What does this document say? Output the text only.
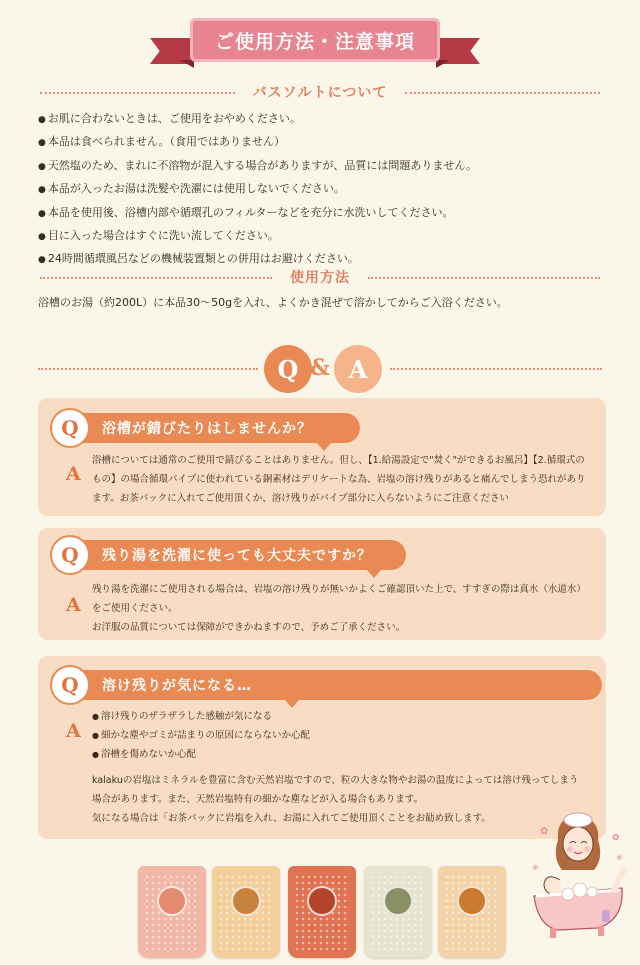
ご使用方法・注意事項
バスソルトについて
● お肌に合わないときは、ご使用をおやめください。
● 本品は食べられません。（食用ではありません）
● 天然塩のため、まれに不溶物が混入する場合がありますが、品質には問題ありません。
● 本品が入ったお湯は洗髪や洗濯には使用しないでください。
● 本品を使用後、浴槽内部や循環孔のフィルターなどを充分に水洗いしてください。
● 目に入った場合はすぐに洗い流してください。
● 24時間循環風呂などの機械装置類との併用はお避けください。
使用方法
浴槽のお湯（約200L）に本品30～50gを入れ、よくかき混ぜて溶かしてからご入浴ください。
Q & A
浴槽が錆びたりはしませんか？
Q
A

浴槽については通常のご使用で錆びることはありません。但し、【1.給湯設定で"焚く"ができるお風呂】【2.循環式の

もの】の場合循環パイプに使われている銅素材はデリケートな為、岩塩の溶け残りがあると痛んでしまう恐れがあり

ます。お茶パックに入れてご使用頂くか、溶け残りがパイプ部分に入らないようにご注意ください

残り湯を洗濯に使っても大丈夫ですか？
Q
A

残り湯を洗濯にご使用される場合は、岩塩の溶け残りが無いかよくご確認頂いた上で、すすぎの際は真水（水道水）

をご使用ください。

お洋服の品質については保障ができかねますので、予めご了承ください。

溶け残りが気になる…
Q
A

● 溶け残りのザラザラした感触が気になる

● 細かな塵やゴミが詰まりの原因にならないか心配

● 浴槽を傷めないか心配

kalakuの岩塩はミネラルを豊富に含む天然岩塩ですので、粒の大きな物やお湯の温度によっては溶け残ってしまう

場合があります。また、天然岩塩特有の細かな塵などが入る場合もあります。

気になる場合は「お茶パックに岩塩を入れ、お湯に入れてご使用頂くことをお勧め致します。

✿
✿
❀
❀
